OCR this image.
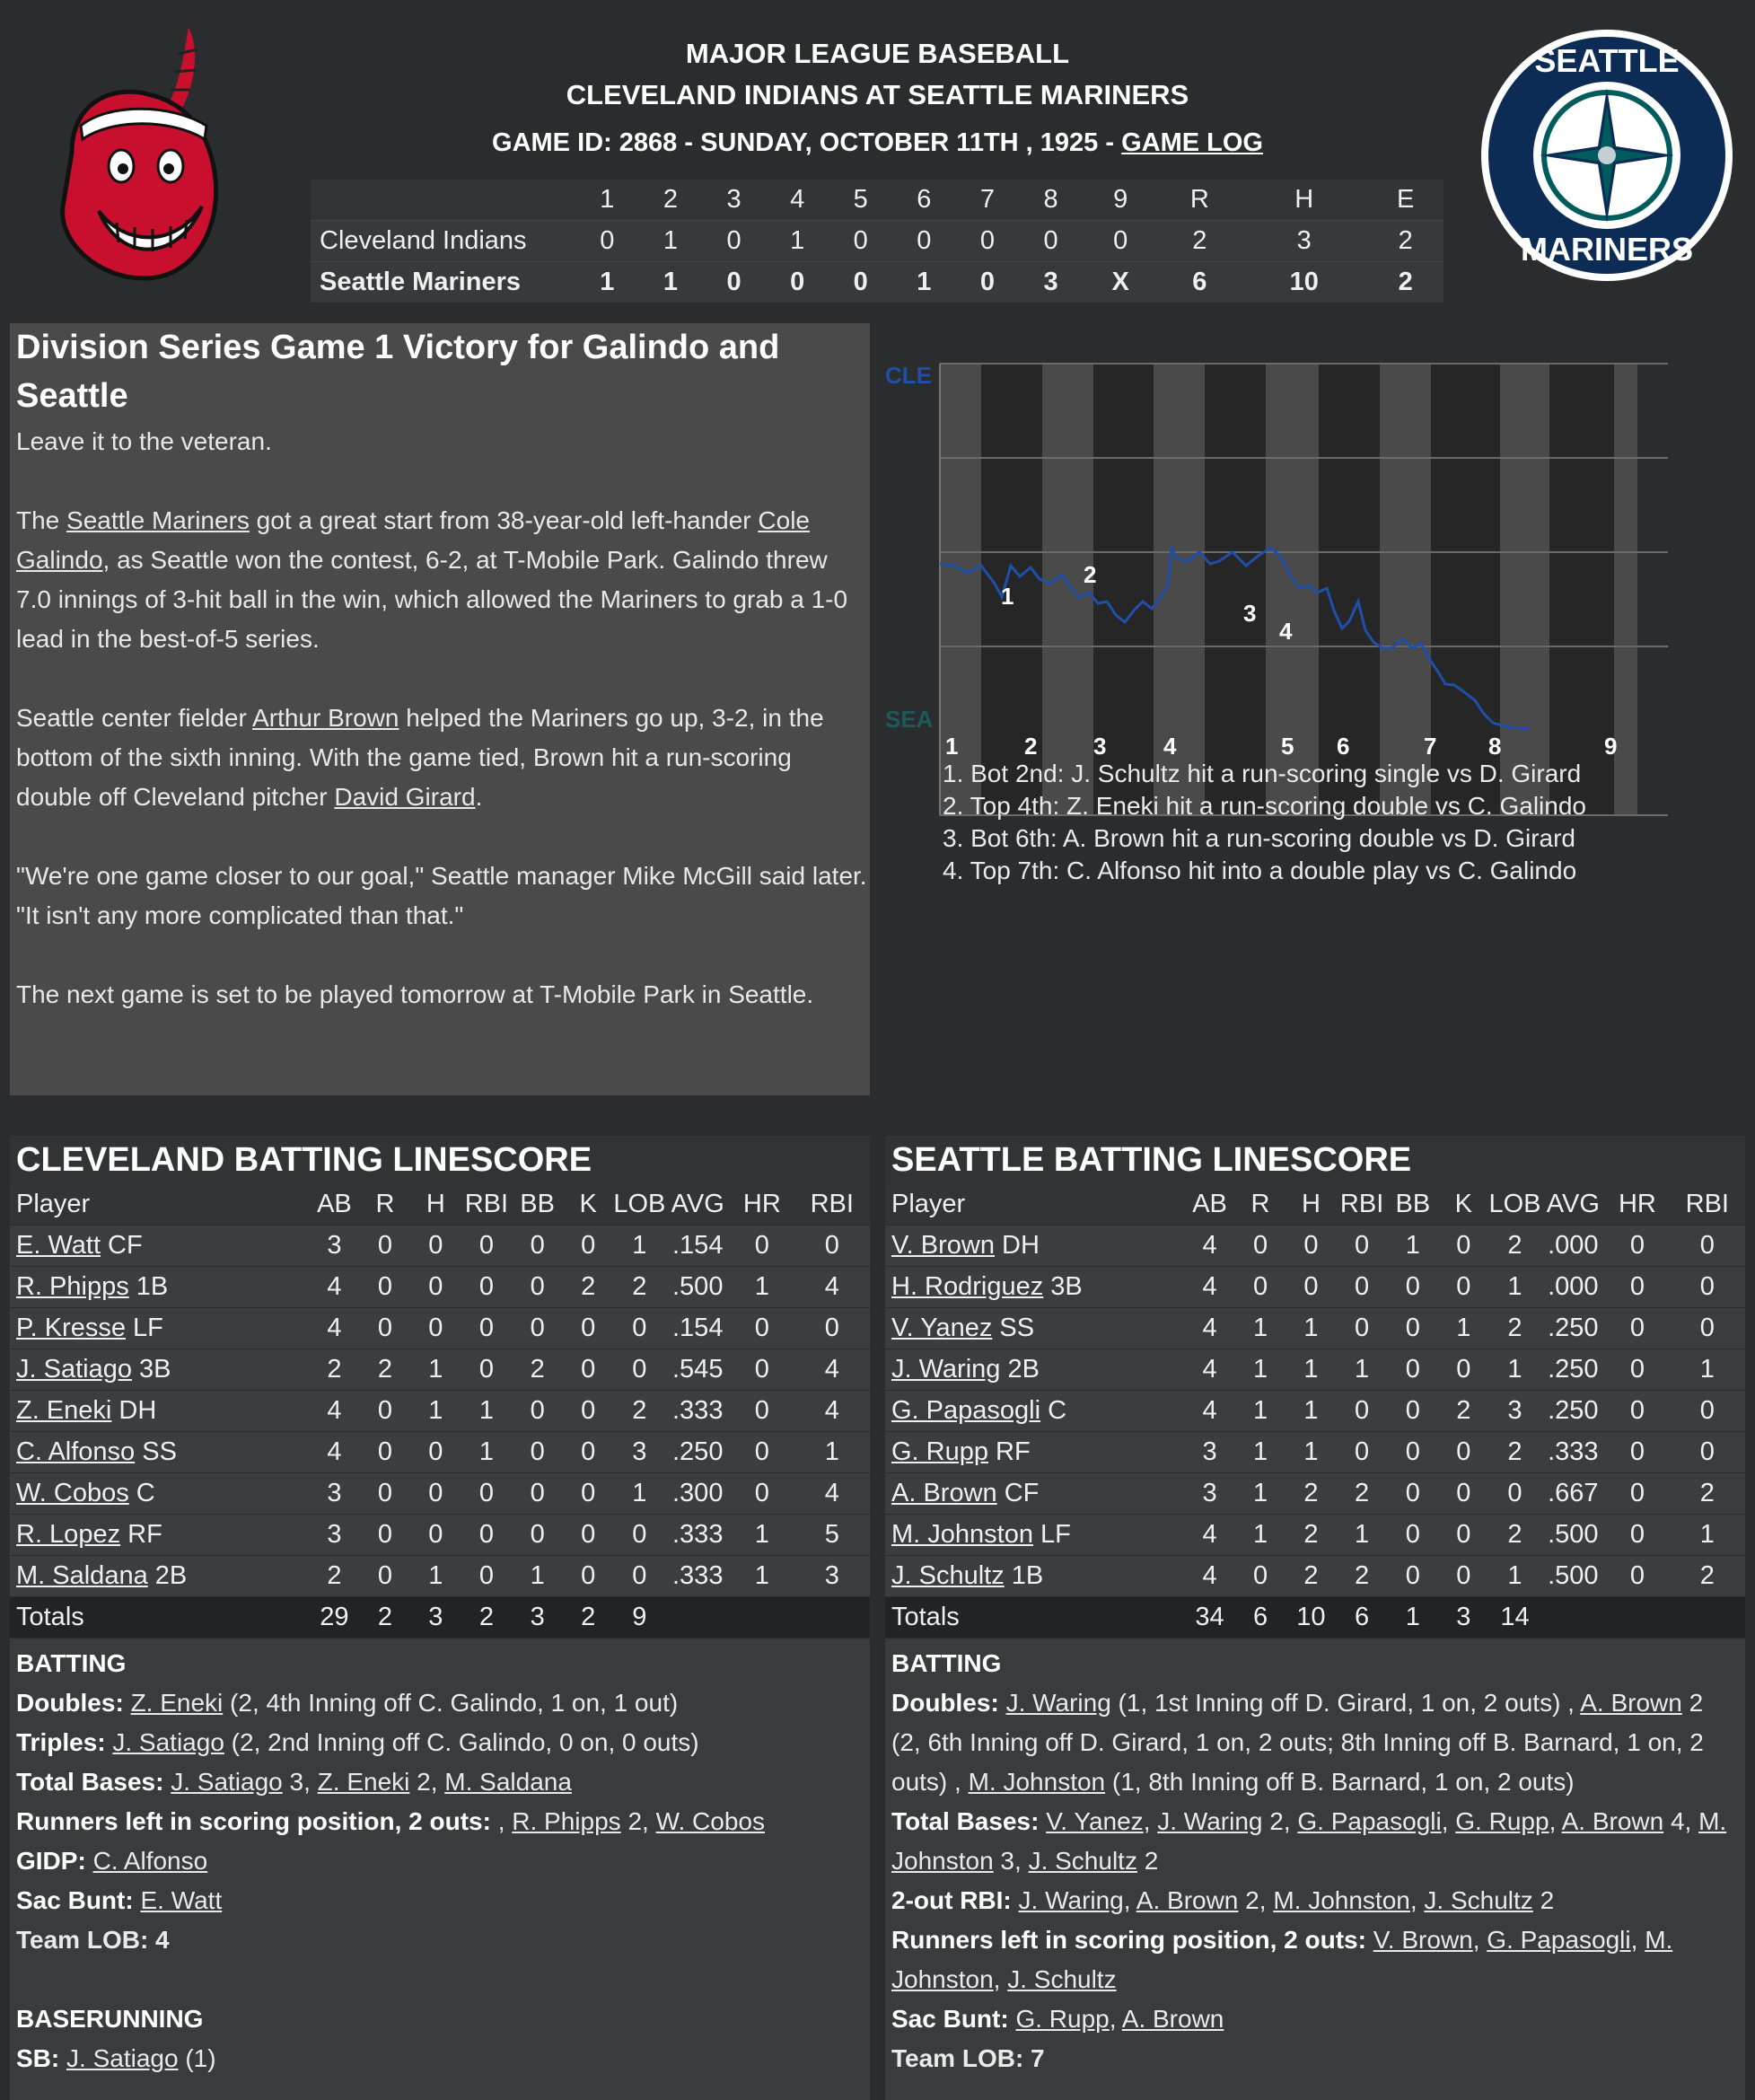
MAJOR LEAGUE BASEBALL
CLEVELAND INDIANS AT SEATTLE MARINERS
GAME ID: 2868 - SUNDAY, OCTOBER 11TH , 1925 - GAME LOG
SEATTLE
MARINERS
	1	2	3	4	5	6	7	8	9	R	H	E
Cleveland Indians	0	1	0	1	0	0	0	0	0	2	3	2
Seattle Mariners	1	1	0	0	0	1	0	3	X	6	10	2
Division Series Game 1 Victory for Galindo and Seattle
Leave it to the veteran.
The Seattle Mariners got a great start from 38-year-old left-hander Cole Galindo, as Seattle won the contest, 6-2, at T-Mobile Park. Galindo threw 7.0 innings of 3-hit ball in the win, which allowed the Mariners to grab a 1-0 lead in the best-of-5 series.
Seattle center fielder Arthur Brown helped the Mariners go up, 3-2, in the bottom of the sixth inning. With the game tied, Brown hit a run-scoring double off Cleveland pitcher David Girard.
"We're one game closer to our goal," Seattle manager Mike McGill said later. "It isn't any more complicated than that."
The next game is set to be played tomorrow at T-Mobile Park in Seattle.
CLE
SEA
1
2
3
4
1	2 3 4	5 6	7 8	9
1. Bot 2nd: J. Schultz hit a run-scoring single vs D. Girard
2. Top 4th: Z. Eneki hit a run-scoring double vs C. Galindo
3. Bot 6th: A. Brown hit a run-scoring double vs D. Girard
4. Top 7th: C. Alfonso hit into a double play vs C. Galindo
CLEVELAND BATTING LINESCORE
Player	AB	R	H	RBI	BB	K	LOB	AVG	HR	RBI
E. Watt CF	3	0	0	0	0	0	1	.154	0	0
R. Phipps 1B	4	0	0	0	0	2	2	.500	1	4
P. Kresse LF	4	0	0	0	0	0	0	.154	0	0
J. Satiago 3B	2	2	1	0	2	0	0	.545	0	4
Z. Eneki DH	4	0	1	1	0	0	2	.333	0	4
C. Alfonso SS	4	0	0	1	0	0	3	.250	0	1
W. Cobos C	3	0	0	0	0	0	1	.300	0	4
R. Lopez RF	3	0	0	0	0	0	0	.333	1	5
M. Saldana 2B	2	0	1	0	1	0	0	.333	1	3
Totals	29	2	3	2	3	2	9			
BATTING
Doubles: Z. Eneki (2, 4th Inning off C. Galindo, 1 on, 1 out)
Triples: J. Satiago (2, 2nd Inning off C. Galindo, 0 on, 0 outs)
Total Bases: J. Satiago 3, Z. Eneki 2, M. Saldana
Runners left in scoring position, 2 outs: , R. Phipps 2, W. Cobos
GIDP: C. Alfonso
Sac Bunt: E. Watt
Team LOB: 4
BASERUNNING
SB: J. Satiago (1)
SEATTLE BATTING LINESCORE
Player	AB	R	H	RBI	BB	K	LOB	AVG	HR	RBI
V. Brown DH	4	0	0	0	1	0	2	.000	0	0
H. Rodriguez 3B	4	0	0	0	0	0	1	.000	0	0
V. Yanez SS	4	1	1	0	0	1	2	.250	0	0
J. Waring 2B	4	1	1	1	0	0	1	.250	0	1
G. Papasogli C	4	1	1	0	0	2	3	.250	0	0
G. Rupp RF	3	1	1	0	0	0	2	.333	0	0
A. Brown CF	3	1	2	2	0	0	0	.667	0	2
M. Johnston LF	4	1	2	1	0	0	2	.500	0	1
J. Schultz 1B	4	0	2	2	0	0	1	.500	0	2
Totals	34	6	10	6	1	3	14			
BATTING
Doubles: J. Waring (1, 1st Inning off D. Girard, 1 on, 2 outs) , A. Brown 2 (2, 6th Inning off D. Girard, 1 on, 2 outs; 8th Inning off B. Barnard, 1 on, 2 outs) , M. Johnston (1, 8th Inning off B. Barnard, 1 on, 2 outs)
Total Bases: V. Yanez, J. Waring 2, G. Papasogli, G. Rupp, A. Brown 4, M. Johnston 3, J. Schultz 2
2-out RBI: J. Waring, A. Brown 2, M. Johnston, J. Schultz 2
Runners left in scoring position, 2 outs: V. Brown, G. Papasogli, M. Johnston, J. Schultz
Sac Bunt: G. Rupp, A. Brown
Team LOB: 7
